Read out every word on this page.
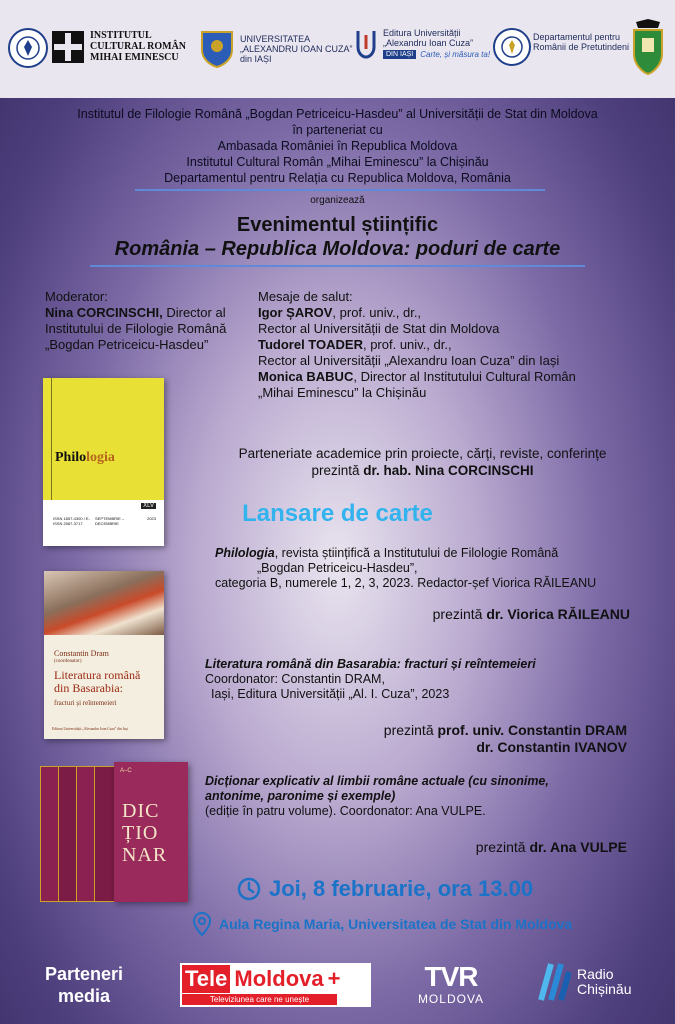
INSTITUTUL
CULTURAL ROMÂN
MIHAI EMINESCU
UNIVERSITATEA
„ALEXANDRU IOAN CUZA”
din IAȘI
Editura Universității
„Alexandru Ioan Cuza”
DIN IAȘI Carte, și măsura ta!
Departamentul pentru
Românii de Pretutindeni
Institutul de Filologie Română „Bogdan Petriceicu-Hasdeu” al Universității de Stat din Moldova
în parteneriat cu
Ambasada României în Republica Moldova
Institutul Cultural Român „Mihai Eminescu” la Chișinău
Departamentul pentru Relația cu Republica Moldova, România
organizează
Evenimentul științific
România – Republica Moldova: poduri de carte
Moderator:
Nina CORCINSCHI, Director al
Institutului de Filologie Română
„Bogdan Petriceicu-Hasdeu”
Mesaje de salut:
Igor ȘAROV, prof. univ., dr.,
Rector al Universității de Stat din Moldova
Tudorel TOADER, prof. univ., dr.,
Rector al Universității „Alexandru Ioan Cuza” din Iași
Monica BABUC, Director al Institutului Cultural Român
„Mihai Eminescu” la Chișinău
Philologia
XLV
ISSN 1857-4300 / E-ISSN 2587-3717
SEPTEMBRIE – DECEMBRIE
2023
Parteneriate academice prin proiecte, cărți, reviste, conferințe
prezintă dr. hab. Nina CORCINSCHI
Lansare de carte
Philologia, revista științifică a Institutului de Filologie Română
„Bogdan Petriceicu-Hasdeu”,
categoria B, numerele 1, 2, 3, 2023. Redactor-șef Viorica RĂILEANU
prezintă dr. Viorica RĂILEANU
Constantin Dram
(coordonator)
Literatura română din Basarabia:
fracturi și reîntemeieri
Editura Universității „Alexandru Ioan Cuza” din Iași
Literatura română din Basarabia: fracturi și reîntemeieri
Coordonator: Constantin DRAM,
Iași, Editura Universității „Al. I. Cuza”, 2023
prezintă prof. univ. Constantin DRAM
dr. Constantin IVANOV
A–C
DIC
ȚIO
NAR
Dicționar explicativ al limbii române actuale (cu sinonime,
antonime, paronime și exemple)
(ediție în patru volume). Coordonator: Ana VULPE.
prezintă dr. Ana VULPE
Joi, 8 februarie, ora 13.00
Aula Regina Maria, Universitatea de Stat din Moldova
Parteneri
media
Tele Moldova +
Televiziunea care ne unește
TVR
MOLDOVA
Radio
Chișinău
